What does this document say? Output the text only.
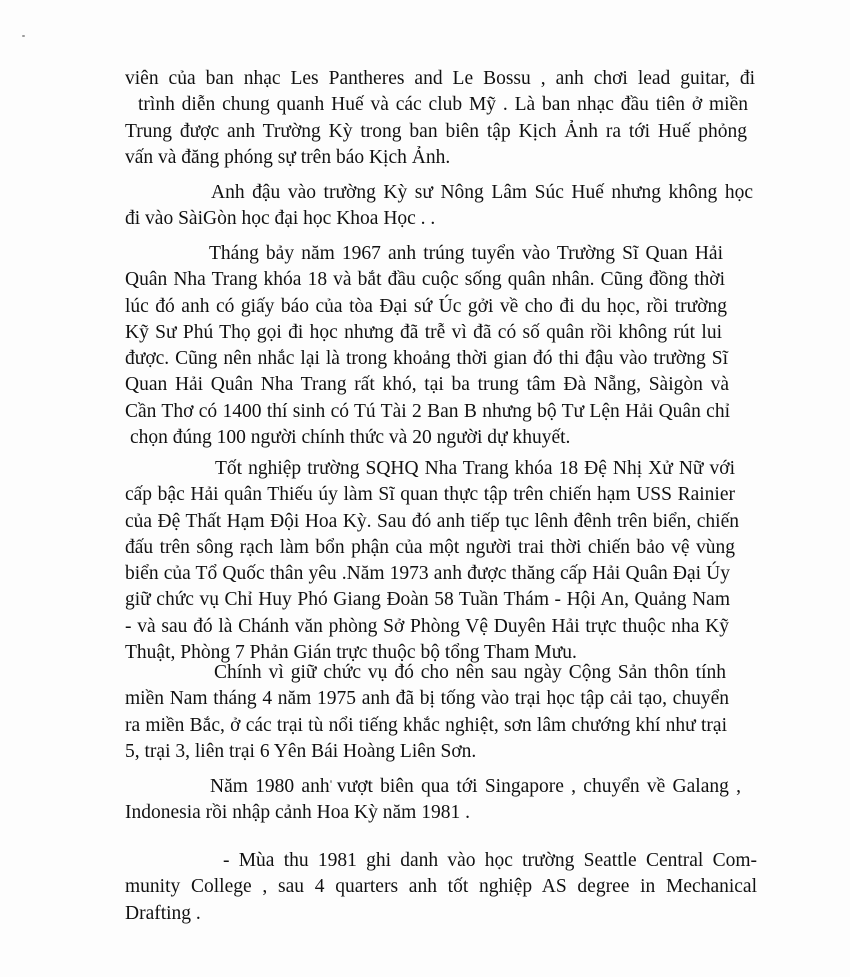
viên của ban nhạc Les Pantheres and Le Bossu , anh chơi lead guitar, đi
trình diễn chung quanh Huế và các club Mỹ . Là ban nhạc đầu tiên ở miền
Trung được anh Trường Kỳ trong ban biên tập Kịch Ảnh ra tới Huế phỏng
vấn và đăng phóng sự trên báo Kịch Ảnh.
Anh đậu vào trường Kỳ sư Nông Lâm Súc Huế nhưng không học
đi vào SàiGòn học đại học Khoa Học . .
Tháng bảy năm 1967 anh trúng tuyển vào Trường Sĩ Quan Hải
Quân Nha Trang khóa 18 và bắt đầu cuộc sống quân nhân. Cũng đồng thời
lúc đó anh có giấy báo của tòa Đại sứ Úc gởi về cho đi du học, rồi trường
Kỹ Sư Phú Thọ gọi đi học nhưng đã trễ vì đã có số quân rồi không rút lui
được. Cũng nên nhắc lại là trong khoảng thời gian đó thi đậu vào trường Sĩ
Quan Hải Quân Nha Trang rất khó, tại ba trung tâm Đà Nẵng, Sàigòn và
Cần Thơ có 1400 thí sinh có Tú Tài 2 Ban B nhưng bộ Tư Lện Hải Quân chỉ
chọn đúng 100 người chính thức và 20 người dự khuyết.
Tốt nghiệp trường SQHQ Nha Trang khóa 18 Đệ Nhị Xử Nữ với
cấp bậc Hải quân Thiếu úy làm Sĩ quan thực tập trên chiến hạm USS Rainier
của Đệ Thất Hạm Đội Hoa Kỳ. Sau đó anh tiếp tục lênh đênh trên biển, chiến
đấu trên sông rạch làm bổn phận của một người trai thời chiến bảo vệ vùng
biển của Tổ Quốc thân yêu .Năm 1973 anh được thăng cấp Hải Quân Đại Úy
giữ chức vụ Chỉ Huy Phó Giang Đoàn 58 Tuần Thám - Hội An, Quảng Nam
- và sau đó là Chánh văn phòng Sở Phòng Vệ Duyên Hải trực thuộc nha Kỹ
Thuật, Phòng 7 Phản Gián trực thuộc bộ tổng Tham Mưu.
Chính vì giữ chức vụ đó cho nên sau ngày Cộng Sản thôn tính
miền Nam tháng 4 năm 1975 anh đã bị tống vào trại học tập cải tạo, chuyển
ra miền Bắc, ở các trại tù nổi tiếng khắc nghiệt, sơn lâm chướng khí như trại
5, trại 3, liên trại 6 Yên Bái Hoàng Liên Sơn.
Năm 1980 anh vượt biên qua tới Singapore , chuyển về Galang ,
Indonesia rồi nhập cảnh Hoa Kỳ năm 1981 .
- Mùa thu 1981 ghi danh vào học trường Seattle Central Com-
munity College , sau 4 quarters anh tốt nghiệp AS degree in Mechanical
Drafting .
